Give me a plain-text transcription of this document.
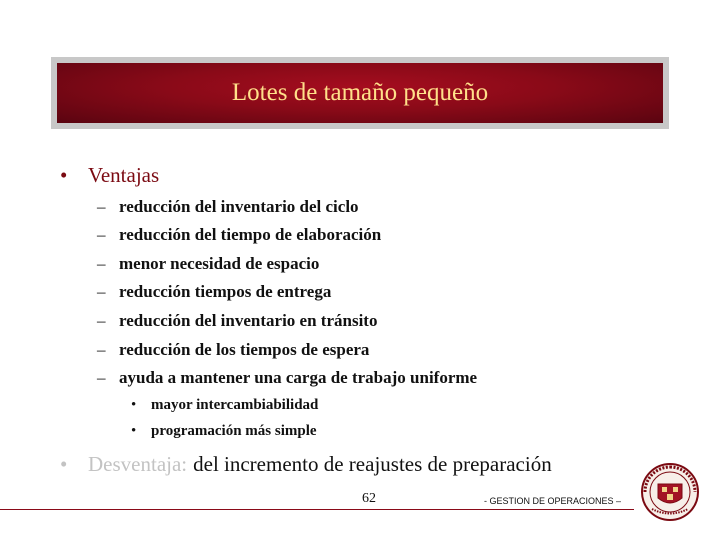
Lotes de tamaño pequeño
• Ventajas
– reducción del inventario del ciclo
– reducción del tiempo de elaboración
– menor necesidad de espacio
– reducción tiempos de entrega
– reducción del inventario en tránsito
– reducción de los tiempos de espera
– ayuda a mantener una carga de trabajo uniforme
• mayor intercambiabilidad
• programación más simple
• Desventaja: del incremento de reajustes de preparación
62	- GESTION DE OPERACIONES –
